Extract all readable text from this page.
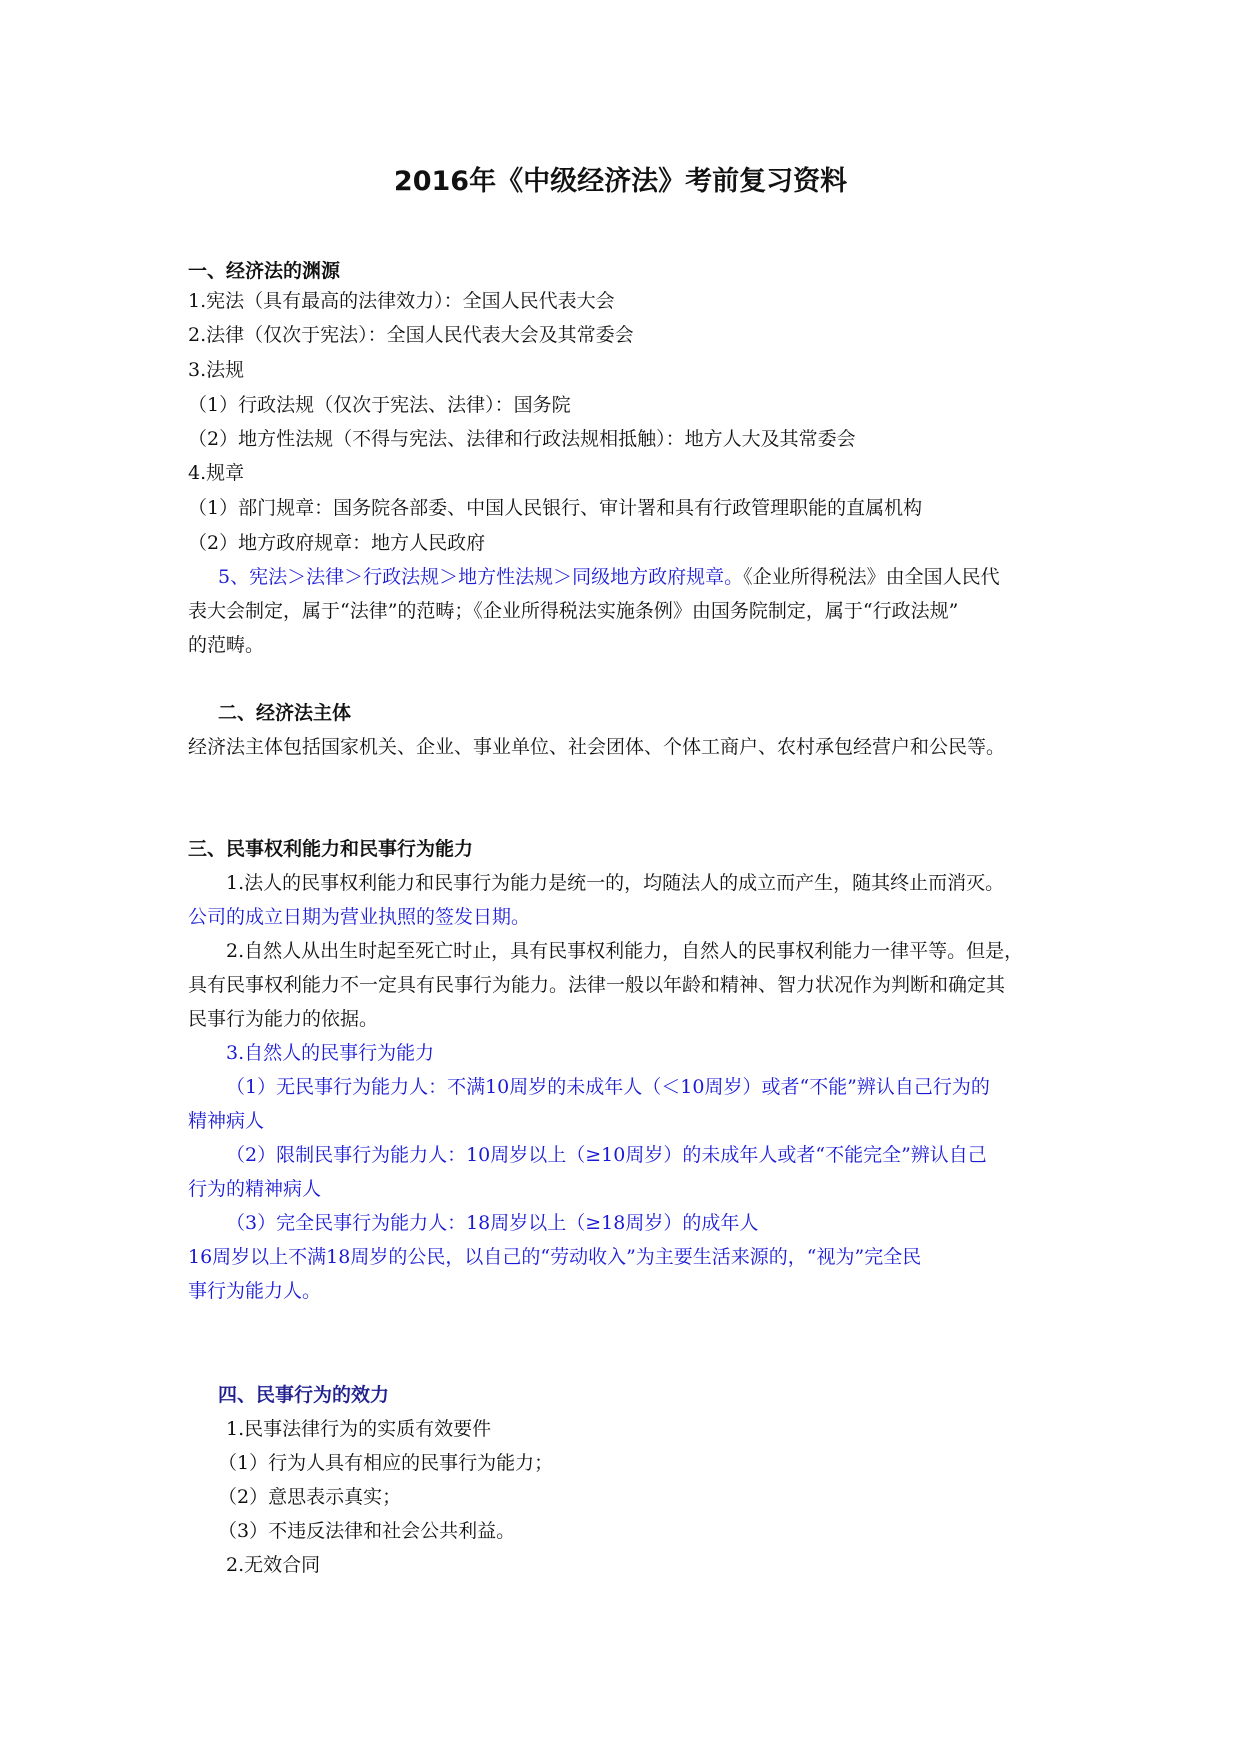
2016年《中级经济法》考前复习资料
一、经济法的渊源

1.宪法（具有最高的法律效力）：全国人民代表大会

2.法律（仅次于宪法）：全国人民代表大会及其常委会

3.法规

（1）行政法规（仅次于宪法、法律）：国务院

（2）地方性法规（不得与宪法、法律和行政法规相抵触）：地方人大及其常委会

4.规章

（1）部门规章：国务院各部委、中国人民银行、审计署和具有行政管理职能的直属机构

（2）地方政府规章：地方人民政府

5、宪法＞法律＞行政法规＞地方性法规＞同级地方政府规章。《企业所得税法》由全国人民代

表大会制定，属于“法律”的范畴；《企业所得税法实施条例》由国务院制定，属于“行政法规”

的范畴。

二、经济法主体

经济法主体包括国家机关、企业、事业单位、社会团体、个体工商户、农村承包经营户和公民等。

三、民事权利能力和民事行为能力

1.法人的民事权利能力和民事行为能力是统一的，均随法人的成立而产生，随其终止而消灭。

公司的成立日期为营业执照的签发日期。

2.自然人从出生时起至死亡时止，具有民事权利能力，自然人的民事权利能力一律平等。但是，

具有民事权利能力不一定具有民事行为能力。法律一般以年龄和精神、智力状况作为判断和确定其

民事行为能力的依据。

3.自然人的民事行为能力

（1）无民事行为能力人：不满10周岁的未成年人（＜10周岁）或者“不能”辨认自己行为的

精神病人

（2）限制民事行为能力人：10周岁以上（≥10周岁）的未成年人或者“不能完全”辨认自己

行为的精神病人

（3）完全民事行为能力人：18周岁以上（≥18周岁）的成年人

16周岁以上不满18周岁的公民，以自己的“劳动收入”为主要生活来源的，“视为”完全民

事行为能力人。

四、民事行为的效力

1.民事法律行为的实质有效要件

（1）行为人具有相应的民事行为能力；

（2）意思表示真实；

（3）不违反法律和社会公共利益。

2.无效合同
